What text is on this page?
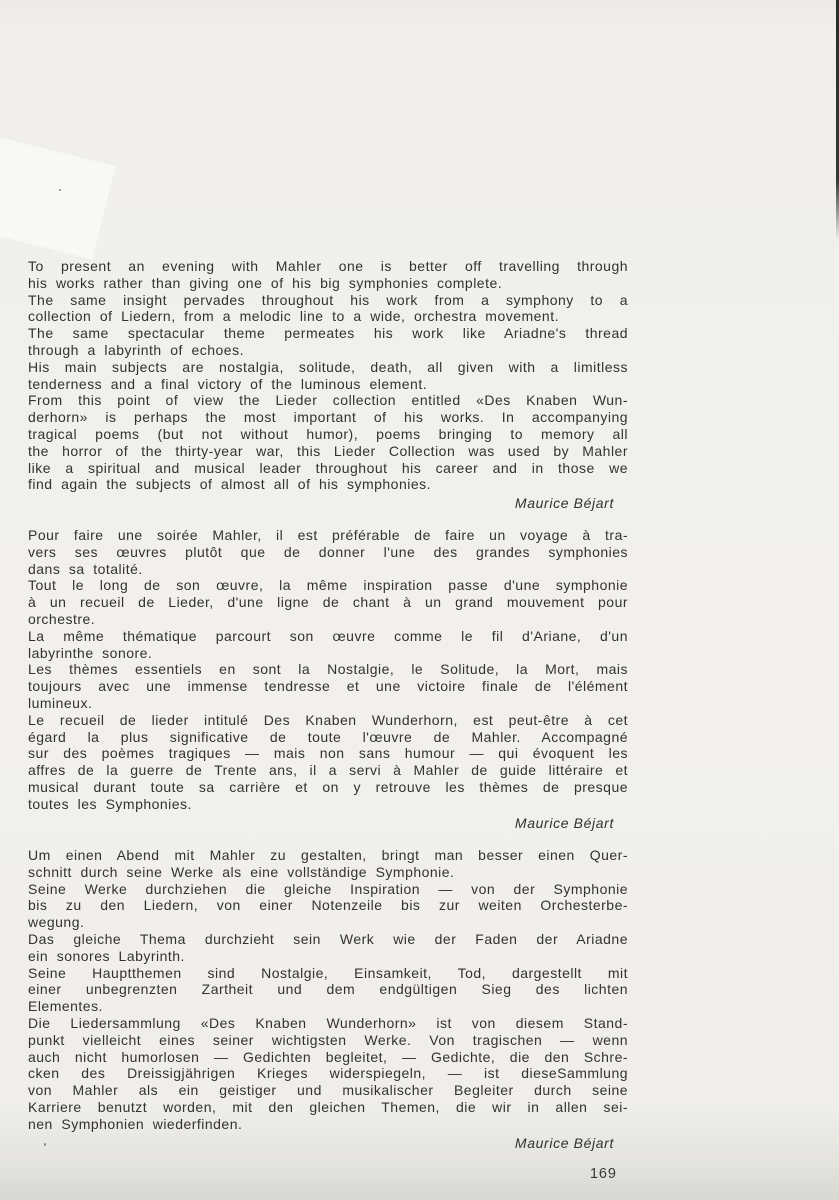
To present an evening with Mahler one is better off travelling through
his works rather than giving one of his big symphonies complete.
The same insight pervades throughout his work from a symphony to a
collection of Liedern, from a melodic line to a wide, orchestra movement.
The same spectacular theme permeates his work like Ariadne's thread
through a labyrinth of echoes.
His main subjects are nostalgia, solitude, death, all given with a limitless
tenderness and a final victory of the luminous element.
From this point of view the Lieder collection entitled «Des Knaben Wun-
derhorn» is perhaps the most important of his works. In accompanying
tragical poems (but not without humor), poems bringing to memory all
the horror of the thirty-year war, this Lieder Collection was used by Mahler
like a spiritual and musical leader throughout his career and in those we
find again the subjects of almost all of his symphonies.
Maurice Béjart
Pour faire une soirée Mahler, il est préférable de faire un voyage à tra-
vers ses œuvres plutôt que de donner l'une des grandes symphonies
dans sa totalité.
Tout le long de son œuvre, la même inspiration passe d'une symphonie
à un recueil de Lieder, d'une ligne de chant à un grand mouvement pour
orchestre.
La même thématique parcourt son œuvre comme le fil d'Ariane, d'un
labyrinthe sonore.
Les thèmes essentiels en sont la Nostalgie, le Solitude, la Mort, mais
toujours avec une immense tendresse et une victoire finale de l'élément
lumineux.
Le recueil de lieder intitulé Des Knaben Wunderhorn, est peut-être à cet
égard la plus significative de toute l'œuvre de Mahler. Accompagné
sur des poèmes tragiques — mais non sans humour — qui évoquent les
affres de la guerre de Trente ans, il a servi à Mahler de guide littéraire et
musical durant toute sa carrière et on y retrouve les thèmes de presque
toutes les Symphonies.
Maurice Béjart
Um einen Abend mit Mahler zu gestalten, bringt man besser einen Quer-
schnitt durch seine Werke als eine vollständige Symphonie.
Seine Werke durchziehen die gleiche Inspiration — von der Symphonie
bis zu den Liedern, von einer Notenzeile bis zur weiten Orchesterbe-
wegung.
Das gleiche Thema durchzieht sein Werk wie der Faden der Ariadne
ein sonores Labyrinth.
Seine Hauptthemen sind Nostalgie, Einsamkeit, Tod, dargestellt mit
einer unbegrenzten Zartheit und dem endgültigen Sieg des lichten
Elementes.
Die Liedersammlung «Des Knaben Wunderhorn» ist von diesem Stand-
punkt vielleicht eines seiner wichtigsten Werke. Von tragischen — wenn
auch nicht humorlosen — Gedichten begleitet, — Gedichte, die den Schre-
cken des Dreissigjährigen Krieges widerspiegeln, — ist dieseSammlung
von Mahler als ein geistiger und musikalischer Begleiter durch seine
Karriere benutzt worden, mit den gleichen Themen, die wir in allen sei-
nen Symphonien wiederfinden.
Maurice Béjart
169
